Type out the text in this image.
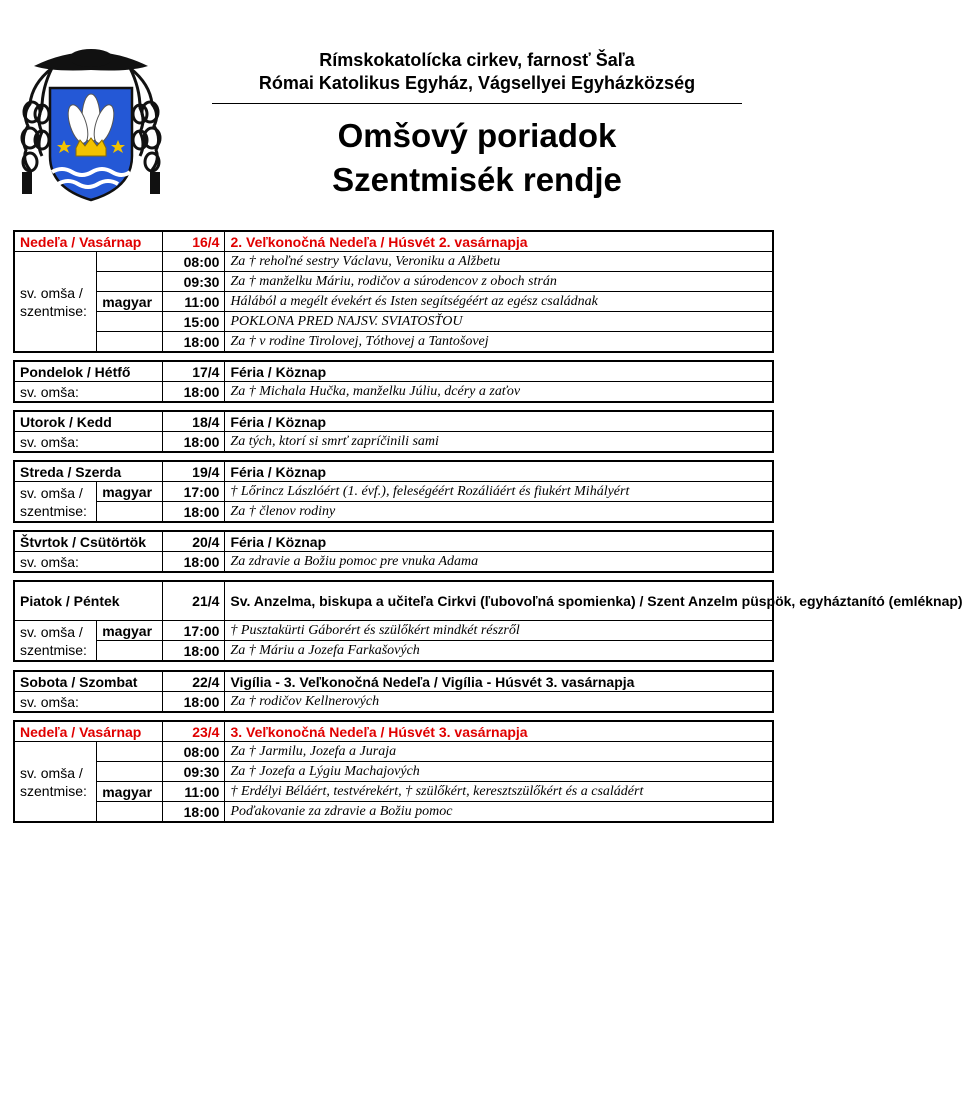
Rímskokatolícka cirkev, farnosť Šaľa
Római Katolikus Egyház, Vágsellyei Egyházközség
Omšový poriadok
Szentmisék rendje
Nedeľa / Vasárnap		16/4	2. Veľkonočná Nedeľa / Húsvét 2. vasárnapja
sv. omša /
szentmise:		08:00	Za † rehoľné sestry Václavu, Veroniku a Alžbetu
		09:30	Za † manželku Máriu, rodičov a súrodencov z oboch strán
	magyar	11:00	Hálából a megélt évekért és Isten segítségéért az egész családnak
		15:00	POKLONA PRED NAJSV. SVIATOSŤOU
		18:00	Za † v rodine Tirolovej, Tóthovej a Tantošovej
Pondelok / Hétfő	17/4	Féria / Köznap
sv. omša:	18:00	Za † Michala Hučka, manželku Júliu, dcéry a zaťov
Utorok / Kedd	18/4	Féria / Köznap
sv. omša:	18:00	Za tých, ktorí si smrť zapríčinili sami
Streda / Szerda		19/4	Féria / Köznap
sv. omša /
szentmise:	magyar	17:00	† Lőrincz Lászlóért (1. évf.), feleségéért Rozáliáért és fiukért Mihályért
		18:00	Za † členov rodiny
Štvrtok / Csütörtök	20/4	Féria / Köznap
sv. omša:	18:00	Za zdravie a Božiu pomoc pre vnuka Adama
Piatok / Péntek		21/4	Sv. Anzelma, biskupa a učiteľa Cirkvi (ľubovoľná spomienka) / Szent Anzelm püspök, egyháztanító (emléknap)
sv. omša /
szentmise:	magyar	17:00	† Pusztakürti Gáborért és szülőkért mindkét részről
		18:00	Za † Máriu a Jozefa Farkašových
Sobota / Szombat	22/4	Vigília - 3. Veľkonočná Nedeľa / Vigília - Húsvét 3. vasárnapja
sv. omša:	18:00	Za † rodičov Kellnerových
Nedeľa / Vasárnap		23/4	3. Veľkonočná Nedeľa / Húsvét 3. vasárnapja
sv. omša /
szentmise:		08:00	Za † Jarmilu, Jozefa a Juraja
		09:30	Za † Jozefa a Lýgiu Machajových
	magyar	11:00	† Erdélyi Béláért, testvérekért, † szülőkért, keresztszülőkért és a családért
		18:00	Poďakovanie za zdravie a Božiu pomoc
